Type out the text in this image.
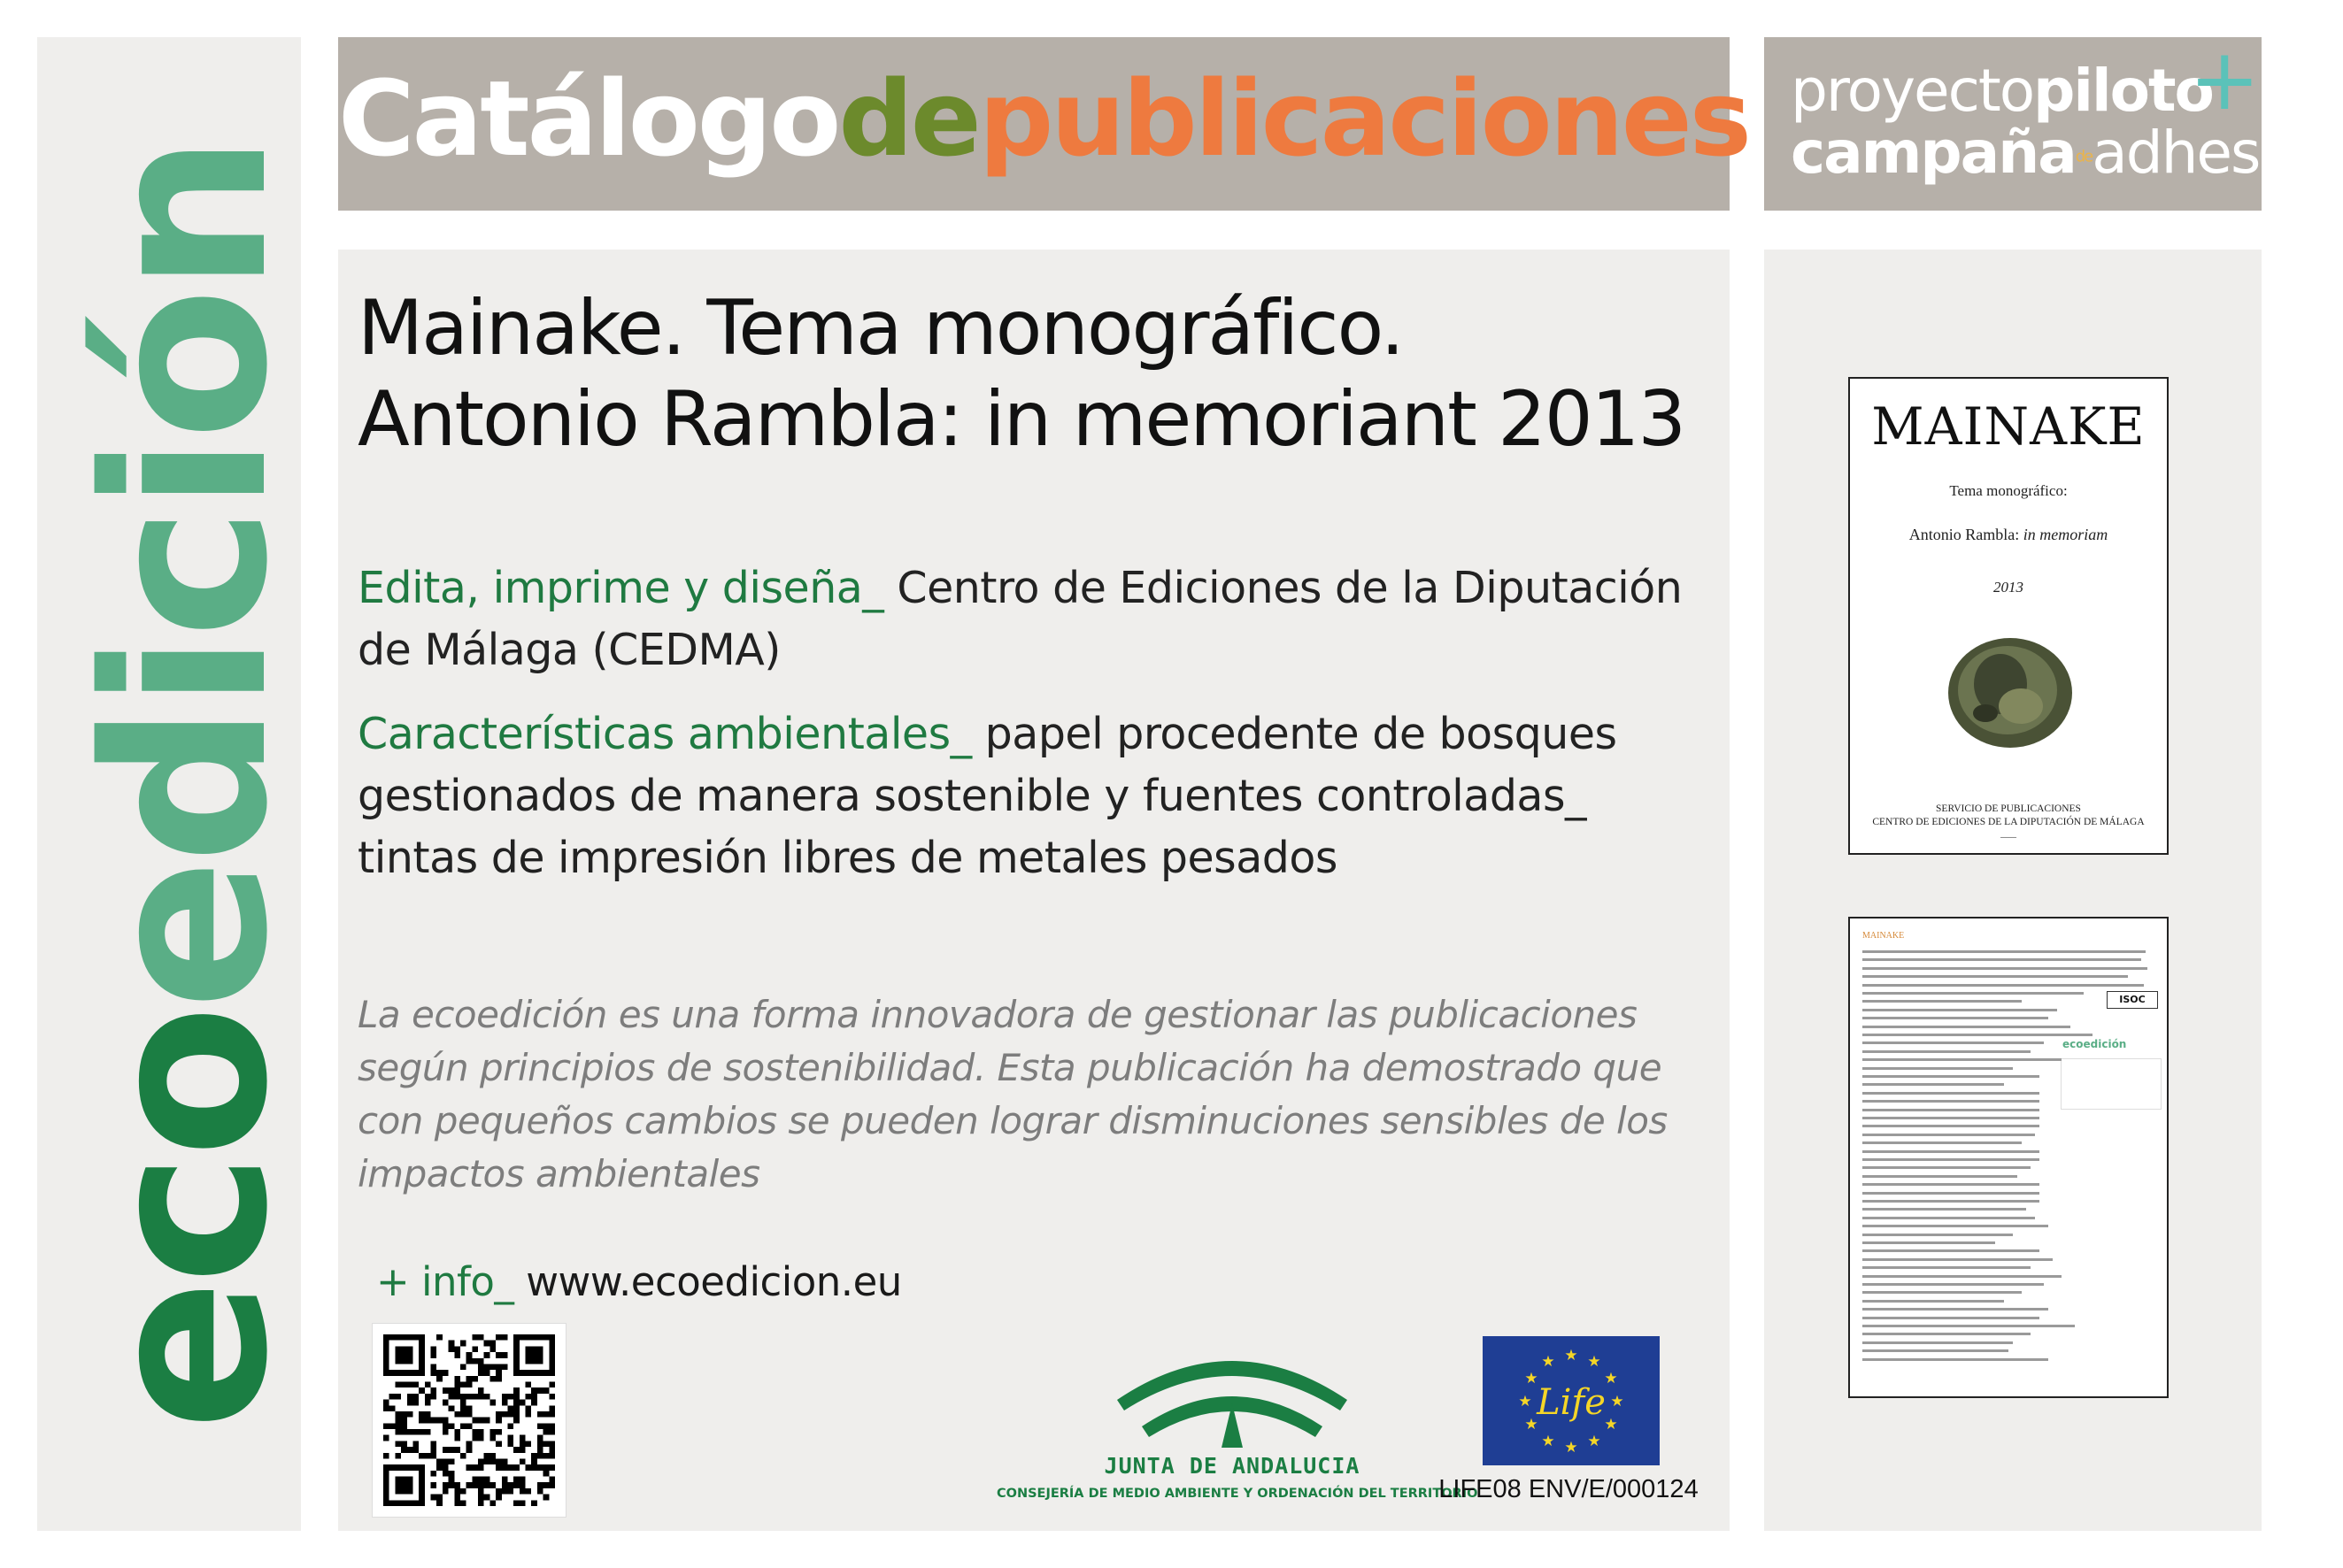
ecoedición
Catálogodepublicaciones
Mainake. Tema monográfico.
Antonio Rambla: in memoriant 2013
Edita, imprime y diseña_ Centro de Ediciones de la Diputación de Málaga (CEDMA)
Características ambientales_ papel procedente de bosques gestionados de manera sostenible y fuentes controladas_ tintas de impresión libres de metales pesados
La ecoedición es una forma innovadora de gestionar las publicaciones según principios de sostenibilidad. Esta publicación ha demostrado que con pequeños cambios se pueden lograr disminuciones sensibles de los impactos ambientales
+ info_ www.ecoedicion.eu
JUNTA DE ANDALUCIA
CONSEJERÍA DE MEDIO AMBIENTE Y ORDENACIÓN DEL TERRITORIO
★
★
★
★
★
★
★
★
★ ★ ★
★
Life
LIFE08 ENV/E/000124
proyectopiloto
+
campañadeadhesión
MAINAKE
Tema monográfico:
Antonio Rambla: in memoriam
2013
SERVICIO DE PUBLICACIONES
CENTRO DE EDICIONES DE LA DIPUTACIÓN DE MÁLAGA
━━━━━━
MAINAKE
ISOC
ecoedición
